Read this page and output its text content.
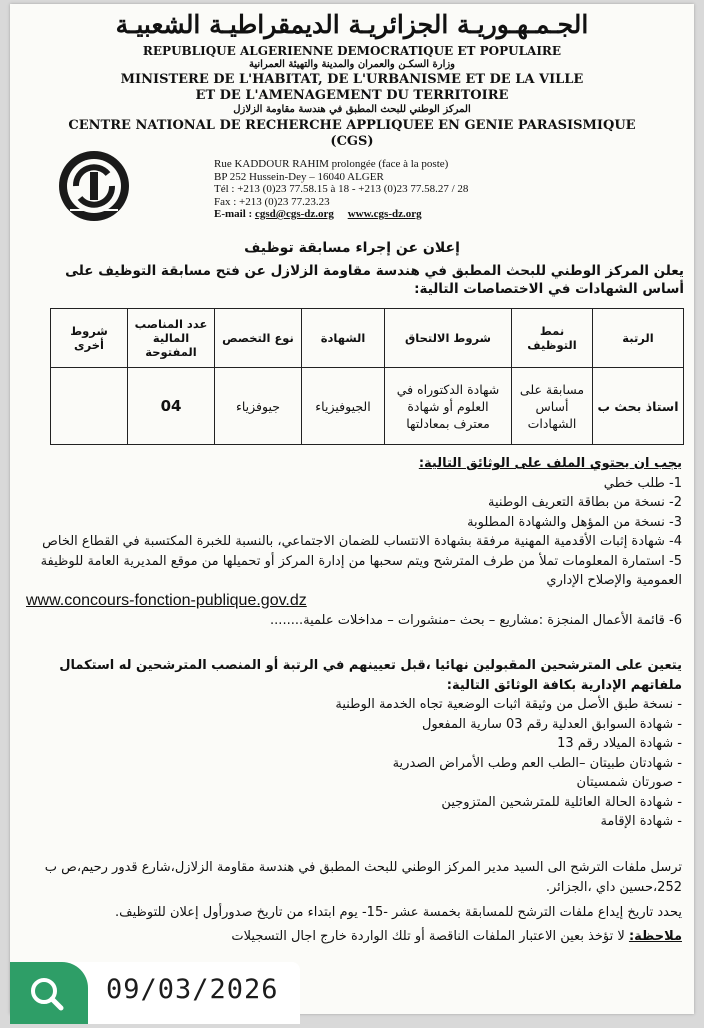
الجـمـهـوريـة الجزائريـة الديمقراطيـة الشعبيـة
REPUBLIQUE ALGERIENNE DEMOCRATIQUE ET POPULAIRE
وزارة السكـن والعمران والمدينة والتهيئة العمرانية
MINISTERE DE L'HABITAT, DE L'URBANISME ET DE LA VILLE
ET DE L'AMENAGEMENT DU TERRITOIRE
المركز الوطني للبحث المطبق في هندسة مقاومة الزلازل
CENTRE NATIONAL DE RECHERCHE APPLIQUEE EN GENIE PARASISMIQUE
(CGS)
Rue KADDOUR RAHIM prolongée (face à la poste)
BP 252 Hussein-Dey – 16040 ALGER
Tél : +213 (0)23 77.58.15 à 18 - +213 (0)23 77.58.27 / 28
Fax : +213 (0)23 77.23.23
E-mail : cgsd@cgs-dz.org www.cgs-dz.org
إعلان عن إجراء مسابقة توظيف
يعلن المركز الوطني للبحث المطبق في هندسة مقاومة الزلازل عن فتح مسابقة التوظيف على أساس الشهادات في الاختصاصات التالية:
الرتبة	نمط التوظيف	شروط الالتحاق	الشهادة	نوع التخصص	عدد المناصب المالية المفتوحة	شروط أخرى
استاذ بحث ب	مسابقة على أساس الشهادات	شهادة الدكتوراه في العلوم أو شهادة معترف بمعادلتها	الجيوفيزياء	جيوفزياء	04	

يجب ان يحتوي الملف على الوثائق التالية:

1- طلب خطي

2- نسخة من بطاقة التعريف الوطنية

3- نسخة من المؤهل والشهادة المطلوبة

4- شهادة إثبات الأقدمية المهنية مرفقة بشهادة الانتساب للضمان الاجتماعي، بالنسبة للخبرة المكتسبة في القطاع الخاص

5- استمارة المعلومات تملأ من طرف المترشح ويتم سحبها من إدارة المركز أو تحميلها من موقع المديرية العامة للوظيفة العمومية والإصلاح الإداري

www.concours-fonction-publique.gov.dz

6- قائمة الأعمال المنجزة :مشاريع – بحث –منشورات – مداخلات علمية........

يتعين على المترشحين المقبولين نهائيا ،قبل تعيينهم في الرتبة أو المنصب المترشحين له استكمال ملفاتهم الإدارية بكافة الوثائق التالية:

- نسخة طبق الأصل من وثيقة اثبات الوضعية تجاه الخدمة الوطنية

- شهادة السوابق العدلية رقم 03 سارية المفعول

- شهادة الميلاد رقم 13

- شهادتان طبيتان –الطب العم وطب الأمراض الصدرية

- صورتان شمسيتان

- شهادة الحالة العائلية للمترشحين المتزوجين

- شهادة الإقامة

ترسل ملفات الترشح الى السيد مدير المركز الوطني للبحث المطبق في هندسة مقاومة الزلازل،شارع قدور رحيم،ص ب 252،حسين داي ،الجزائر.

يحدد تاريخ إيداع ملفات الترشح للمسابقة بخمسة عشر -15- يوم ابتداء من تاريخ صدورأول إعلان للتوظيف.

ملاحظة: لا تؤخذ بعين الاعتبار الملفات الناقصة أو تلك الواردة خارج اجال التسجيلات

09/03/2026
